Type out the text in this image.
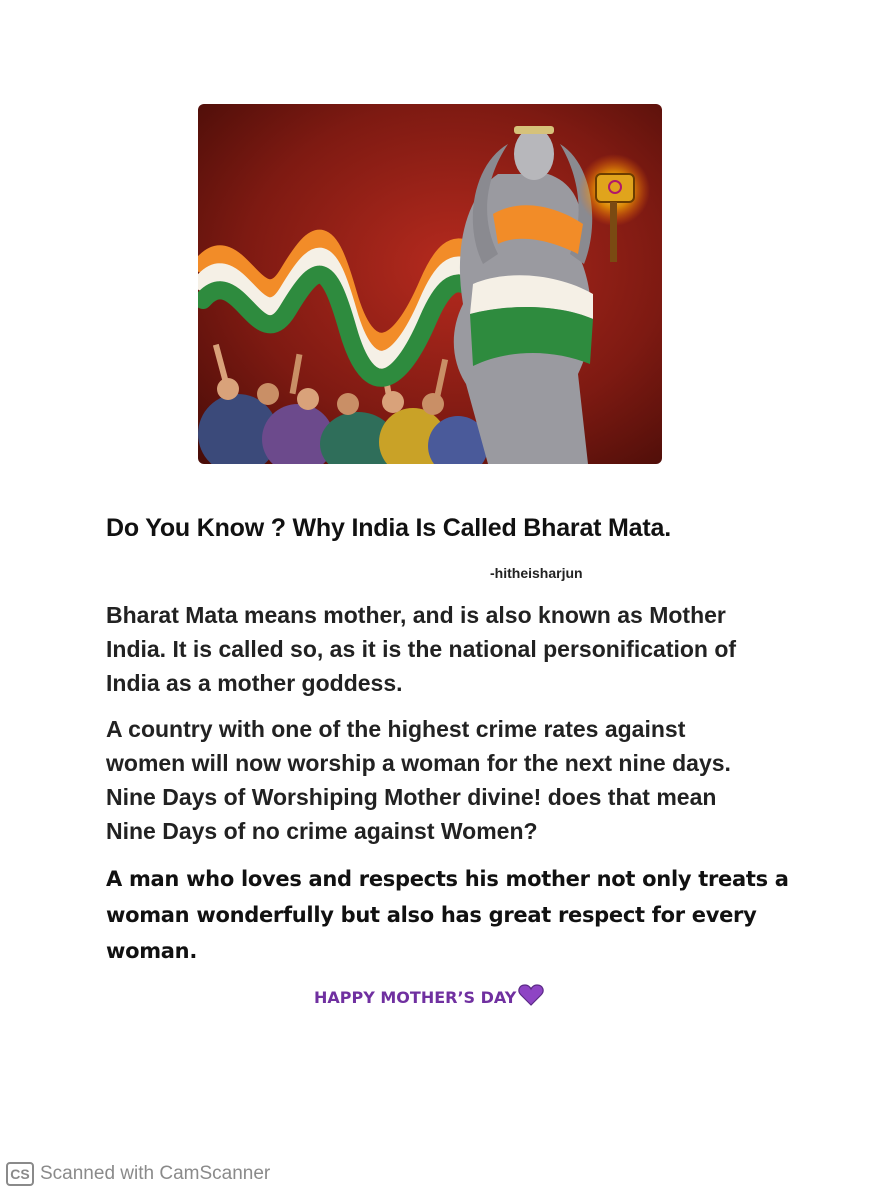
Do You Know ? Why India Is Called Bharat Mata.
-hitheisharjun
Bharat Mata means mother, and is also known as Mother
India. It is called so, as it is the national personification of
India as a mother goddess.
A country with one of the highest crime rates against
women will now worship a woman for the next nine days.
Nine Days of Worshiping Mother divine! does that mean
Nine Days of no crime against Women?
A man who loves and respects his mother not only treats a
woman wonderfully but also has great respect for every
woman.
HAPPY MOTHER’S DAY
CS Scanned with CamScanner
